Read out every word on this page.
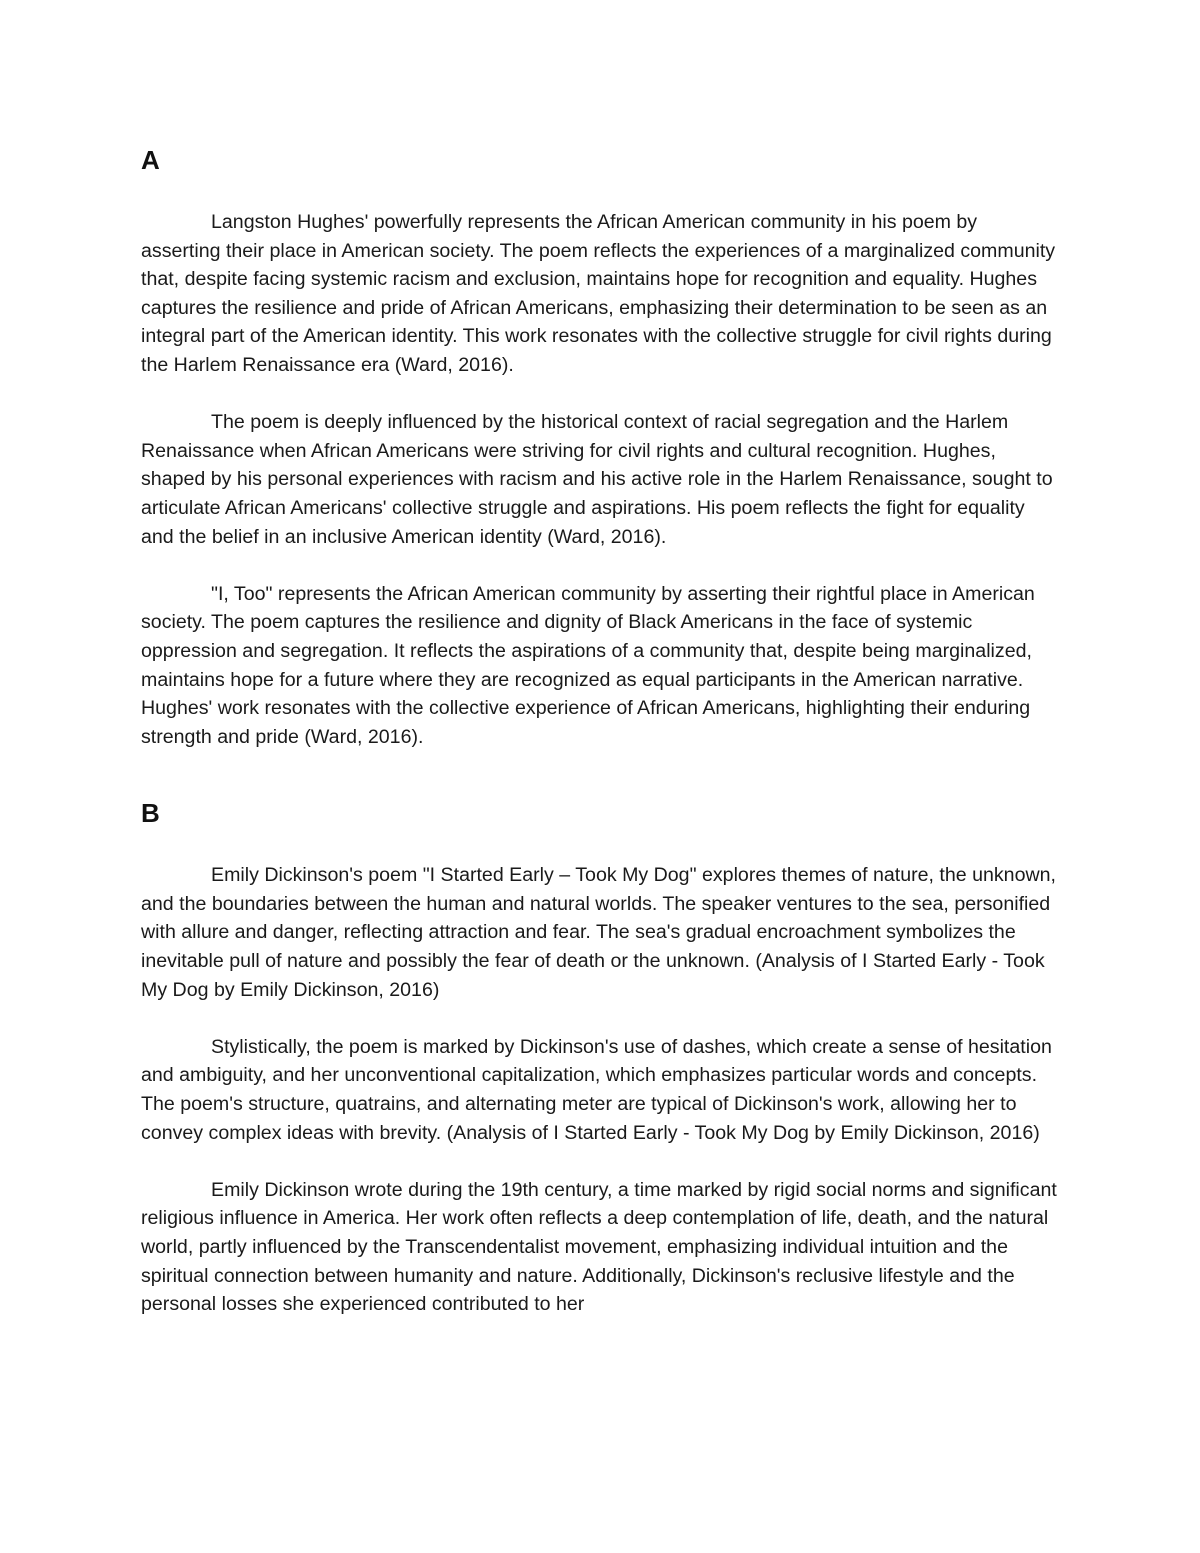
A

Langston Hughes' powerfully represents the African American community in his poem by asserting their place in American society. The poem reflects the experiences of a marginalized community that, despite facing systemic racism and exclusion, maintains hope for recognition and equality. Hughes captures the resilience and pride of African Americans, emphasizing their determination to be seen as an integral part of the American identity. This work resonates with the collective struggle for civil rights during the Harlem Renaissance era (Ward, 2016).

The poem is deeply influenced by the historical context of racial segregation and the Harlem Renaissance when African Americans were striving for civil rights and cultural recognition. Hughes, shaped by his personal experiences with racism and his active role in the Harlem Renaissance, sought to articulate African Americans' collective struggle and aspirations. His poem reflects the fight for equality and the belief in an inclusive American identity (Ward, 2016).

"I, Too" represents the African American community by asserting their rightful place in American society. The poem captures the resilience and dignity of Black Americans in the face of systemic oppression and segregation. It reflects the aspirations of a community that, despite being marginalized, maintains hope for a future where they are recognized as equal participants in the American narrative. Hughes' work resonates with the collective experience of African Americans, highlighting their enduring strength and pride (Ward, 2016).

B

Emily Dickinson's poem "I Started Early – Took My Dog" explores themes of nature, the unknown, and the boundaries between the human and natural worlds. The speaker ventures to the sea, personified with allure and danger, reflecting attraction and fear. The sea's gradual encroachment symbolizes the inevitable pull of nature and possibly the fear of death or the unknown. (Analysis of I Started Early - Took My Dog by Emily Dickinson, 2016)

Stylistically, the poem is marked by Dickinson's use of dashes, which create a sense of hesitation and ambiguity, and her unconventional capitalization, which emphasizes particular words and concepts. The poem's structure, quatrains, and alternating meter are typical of Dickinson's work, allowing her to convey complex ideas with brevity. (Analysis of I Started Early - Took My Dog by Emily Dickinson, 2016)

Emily Dickinson wrote during the 19th century, a time marked by rigid social norms and significant religious influence in America. Her work often reflects a deep contemplation of life, death, and the natural world, partly influenced by the Transcendentalist movement, emphasizing individual intuition and the spiritual connection between humanity and nature. Additionally, Dickinson's reclusive lifestyle and the personal losses she experienced contributed to her
